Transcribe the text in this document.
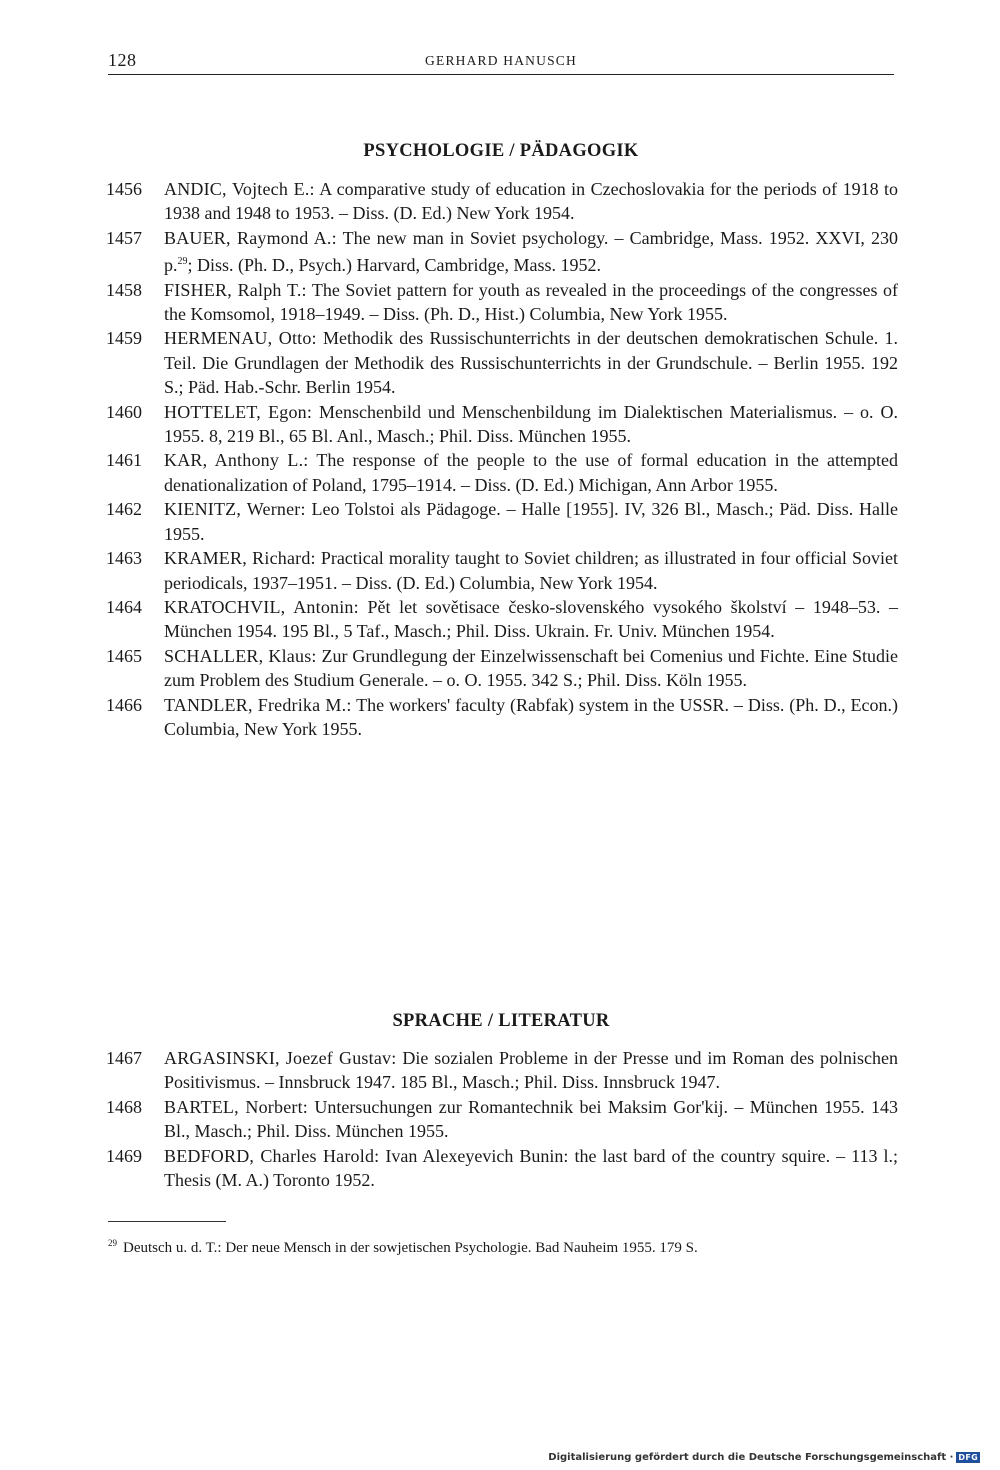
128	GERHARD HANUSCH
PSYCHOLOGIE / PÄDAGOGIK

1456 ANDIC, Vojtech E.: A comparative study of education in Czechoslovakia for the periods of 1918 to 1938 and 1948 to 1953. – Diss. (D. Ed.) New York 1954.

1457 BAUER, Raymond A.: The new man in Soviet psychology. – Cambridge, Mass. 1952. XXVI, 230 p.$^{29}$; Diss. (Ph. D., Psych.) Harvard, Cambridge, Mass. 1952.

1458 FISHER, Ralph T.: The Soviet pattern for youth as revealed in the proceedings of the congresses of the Komsomol, 1918–1949. – Diss. (Ph. D., Hist.) Columbia, New York 1955.

1459 HERMENAU, Otto: Methodik des Russischunterrichts in der deutschen demokratischen Schule. 1. Teil. Die Grundlagen der Methodik des Russischunterrichts in der Grundschule. – Berlin 1955. 192 S.; Päd. Hab.-Schr. Berlin 1954.

1460 HOTTELET, Egon: Menschenbild und Menschenbildung im Dialektischen Materialismus. – o. O. 1955. 8, 219 Bl., 65 Bl. Anl., Masch.; Phil. Diss. München 1955.

1461 KAR, Anthony L.: The response of the people to the use of formal education in the attempted denationalization of Poland, 1795–1914. – Diss. (D. Ed.) Michigan, Ann Arbor 1955.

1462 KIENITZ, Werner: Leo Tolstoi als Pädagoge. – Halle [1955]. IV, 326 Bl., Masch.; Päd. Diss. Halle 1955.

1463 KRAMER, Richard: Practical morality taught to Soviet children; as illustrated in four official Soviet periodicals, 1937–1951. – Diss. (D. Ed.) Columbia, New York 1954.

1464 KRATOCHVIL, Antonin: Pět let sovětisace česko-slovenského vysokého školství – 1948–53. – München 1954. 195 Bl., 5 Taf., Masch.; Phil. Diss. Ukrain. Fr. Univ. München 1954.

1465 SCHALLER, Klaus: Zur Grundlegung der Einzelwissenschaft bei Comenius und Fichte. Eine Studie zum Problem des Studium Generale. – o. O. 1955. 342 S.; Phil. Diss. Köln 1955.

1466 TANDLER, Fredrika M.: The workers' faculty (Rabfak) system in the USSR. – Diss. (Ph. D., Econ.) Columbia, New York 1955.

SPRACHE / LITERATUR

1467 ARGASINSKI, Joezef Gustav: Die sozialen Probleme in der Presse und im Roman des polnischen Positivismus. – Innsbruck 1947. 185 Bl., Masch.; Phil. Diss. Innsbruck 1947.

1468 BARTEL, Norbert: Untersuchungen zur Romantechnik bei Maksim Gor'kij. – München 1955. 143 Bl., Masch.; Phil. Diss. München 1955.

1469 BEDFORD, Charles Harold: Ivan Alexeyevich Bunin: the last bard of the country squire. – 113 l.; Thesis (M. A.) Toronto 1952.

$^{29}$ Deutsch u. d. T.: Der neue Mensch in der sowjetischen Psychologie. Bad Nauheim 1955. 179 S.
Digitalisierung gefördert durch die Deutsche Forschungsgemeinschaft · DFG
